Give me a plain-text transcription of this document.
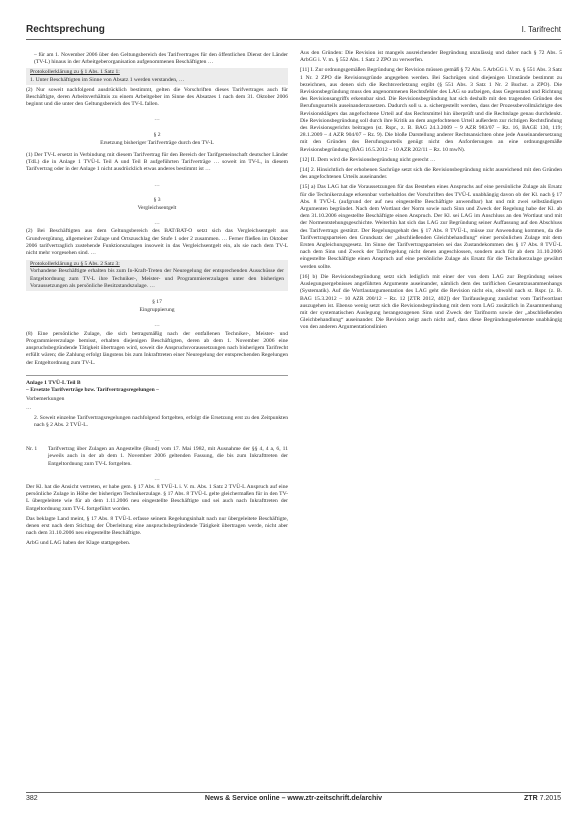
Rechtsprechung	I. Tarifrecht
– für am 1. November 2006 über den Geltungsbereich des Tarifvertrages für den öffentlichen Dienst der Länder (TV-L) hinaus in der Arbeitgeberorganisation aufgenommenen Beschäftigten …
Protokollerklärung zu § 1 Abs. 1 Satz 1:
1. Unter Beschäftigten im Sinne von Absatz 1 werden verstanden, …
(2) Nur soweit nachfolgend ausdrücklich bestimmt, gelten die Vorschriften dieses Tarifvertrages auch für Beschäftigte, deren Arbeitsverhältnis zu einem Arbeitgeber im Sinne des Absatzes 1 nach dem 31. Oktober 2006 beginnt und die unter den Geltungsbereich des TV-L fallen.
…
§ 2
Ersetzung bisheriger Tarifverträge durch den TV-L
(1) Der TV-L ersetzt in Verbindung mit diesem Tarifvertrag für den Bereich der Tarifgemeinschaft deutscher Länder (TdL) die in Anlage 1 TVÜ-L Teil A und Teil B aufgeführten Tarifverträge … soweit im TV-L, in diesem Tarifvertrag oder in der Anlage 1 nicht ausdrücklich etwas anderes bestimmt ist …
…
§ 3
Vergleichsentgelt
…
(2) Bei Beschäftigten aus dem Geltungsbereich des BAT/BAT-O setzt sich das Vergleichsentgelt aus Grundvergütung, allgemeiner Zulage und Ortszuschlag der Stufe 1 oder 2 zusammen. … Ferner fließen im Oktober 2006 tarifvertraglich zustehende Funktionszulagen insoweit in das Vergleichsentgelt ein, als sie nach dem TV-L nicht mehr vorgesehen sind. …
Protokollerklärung zu § 5 Abs. 2 Satz 3:
Vorhandene Beschäftigte erhalten bis zum In-Kraft-Treten der Neuregelung der entsprechenden Ausschüsse der Entgeltordnung zum TV-L ihre Techniker-, Meister- und Programmiererzulagen unter den bisherigen Voraussetzungen als persönliche Besitzstandszulage. …
§ 17
Eingruppierung
…
(8) Eine persönliche Zulage, die sich betragsmäßig nach der entfallenen Techniker-, Meister- und Programmiererzulage bemisst, erhalten diejenigen Beschäftigten, deren ab dem 1. November 2006 eine anspruchsbegründende Tätigkeit übertragen wird, soweit die Anspruchsvoraussetzungen nach bisherigem Tarifrecht erfüllt wären; die Zahlung erfolgt längstens bis zum Inkrafttreten einer Neuregelung der entsprechenden Regelungen der Entgeltordnung zum TV-L.
Anlage 1 TVÜ-L Teil B
– Ersetzte Tarifverträge bzw. Tarifvertragsregelungen –
Vorbemerkungen
…
2. Soweit einzelne Tarifvertragsregelungen nachfolgend fortgelten, erfolgt die Ersetzung erst zu den Zeitpunkten nach § 2 Abs. 2 TVÜ-L.
…
Nr. 1 Tarifvertrag über Zulagen an Angestellte (Bund) vom 17. Mai 1982, mit Ausnahme der §§ 4, 4 a, 6, 11 jeweils auch in der ab dem 1. November 2006 geltenden Fassung, die bis zum Inkrafttreten der Entgeltordnung zum TV-L fortgelten.
…
Der Kl. hat die Ansicht vertreten, er habe gem. § 17 Abs. 8 TVÜ-L i. V. m. Abs. 1 Satz 2 TVÜ-L Anspruch auf eine persönliche Zulage in Höhe der bisherigen Technikerzulage. § 17 Abs. 8 TVÜ-L gelte gleichermaßen für in den TV-L übergeleitete wie für ab dem 1.11.2006 neu eingestellte Beschäftigte und sei auch nach Inkrafttreten der Entgeltordnung zum TV-L fortgeführt worden.
Das beklagte Land meint, § 17 Abs. 8 TVÜ-L erfasse seinem Regelungsinhalt nach nur übergeleitete Beschäftigte, denen erst nach dem Stichtag der Überleitung eine anspruchsbegründende Tätigkeit übertragen werde, nicht aber nach dem 31.10.2006 neu eingestellte Beschäftigte.
ArbG und LAG haben der Klage stattgegeben.
Aus den Gründen: Die Revision ist mangels ausreichender Begründung unzulässig und daher nach § 72 Abs. 5 ArbGG i. V. m. § 552 Abs. 1 Satz 2 ZPO zu verwerfen.
[11] I. Zur ordnungsgemäßen Begründung der Revision müssen gemäß § 72 Abs. 5 ArbGG i. V. m. § 551 Abs. 3 Satz 1 Nr. 2 ZPO die Revisionsgründe angegeben werden. Bei Sachrügen sind diejenigen Umstände bestimmt zu bezeichnen, aus denen sich die Rechtsverletzung ergibt (§ 551 Abs. 3 Satz 1 Nr. 2 Buchst. a ZPO). Die Revisionsbegründung muss den angenommenen Rechtsfehler des LAG so aufzeigen, dass Gegenstand und Richtung des Revisionsangriffs erkennbar sind. Die Revisionsbegründung hat sich deshalb mit den tragenden Gründen des Berufungsurteils auseinanderzusetzen. Dadurch soll u. a. sichergestellt werden, dass der Prozessbevollmächtigte des Revisionsklägers das angefochtene Urteil auf das Rechtsmittel hin überprüft und die Rechtslage genau durchdenkt. Die Revisionsbegründung soll durch ihre Kritik an dem angefochtenen Urteil außerdem zur richtigen Rechtsfindung des Revisionsgerichts beitragen (st. Rspr., z. B. BAG 24.3.2009 – 9 AZR 983/07 – Rz. 16, BAGE 130, 119; 28.1.2009 – 4 AZR 904/07 – Rz. 9). Die bloße Darstellung anderer Rechtsansichten ohne jede Auseinandersetzung mit den Gründen des Berufungsurteils genügt nicht den Anforderungen an eine ordnungsgemäße Revisionsbegründung (BAG 16.5.2012 – 10 AZR 202/11 – Rz. 10 mwN).
[12] II. Dem wird die Revisionsbegründung nicht gerecht …
[14] 2. Hinsichtlich der erhobenen Sachrüge setzt sich die Revisionsbegründung nicht ausreichend mit den Gründen des angefochtenen Urteils auseinander.
[15] a) Das LAG hat die Voraussetzungen für das Bestehen eines Anspruchs auf eine persönliche Zulage als Ersatz für die Technikerzulage erkennbar vorbehaltlos der Vorschriften des TVÜ-L unabhängig davon ob der Kl. nach § 17 Abs. 8 TVÜ-L (aufgrund der auf neu eingestellte Beschäftigte anwendbar) hat und mit zwei selbständigen Argumenten begründet. Nach dem Wortlaut der Norm sowie nach Sinn und Zweck der Regelung habe der Kl. ab dem 31.10.2006 eingestellte Beschäftigte einen Anspruch. Der Kl. sei LAG im Anschluss an den Wortlaut und mit der Normentstehungsgeschichte. Weiterhin hat sich das LAG zur Begründung seiner Auffassung auf den Abschluss des Tarifvertrags gestützt. Der Regelungsgehalt des § 17 Abs. 8 TVÜ-L, müsse zur Anwendung kommen, da die Tarifvertragsparteien den Grundsatz der „abschließenden Gleichbehandlung“ einer persönlichen Zulage mit dem Ersten Angleichungsgesetz. Im Sinne der Tarifvertragsparteien sei das Zustandekommen des § 17 Abs. 8 TVÜ-L nach dem Sinn und Zweck der Tarifregelung nicht denen angeschlossen, sondern auch für ab dem 31.10.2006 eingestellte Beschäftigte einen Anspruch auf eine persönliche Zulage als Ersatz für die Technikerzulage gewährt werden sollte.
[16] b) Die Revisionsbegründung setzt sich lediglich mit einer der von dem LAG zur Begründung seines Auslegungsergebnisses angeführten Argumente auseinander, nämlich dem des tariflichen Gesamtzusammenhangs (Systematik). Auf die Wortlautargumentation des LAG geht die Revision nicht ein, obwohl nach st. Rspr. (z. B. BAG 15.3.2012 – 10 AZR 200/12 – Rz. 12 [ZTR 2012, 402]) der Tarifauslegung zunächst vom Tarifwortlaut auszugehen ist. Ebenso wenig setzt sich die Revisionsbegründung mit dem vom LAG zusätzlich in Zusammenhang mit der systematischen Auslegung herangezogenen Sinn und Zweck der Tarifnorm sowie der „abschließenden Gleichbehandlung“ auseinander. Die Revision zeigt auch nicht auf, dass diese Begründungselemente unabhängig von den anderen Argumentationslinien
382	News & Service online – www.ztr-zeitschrift.de/archiv	ZTR 7.2015
